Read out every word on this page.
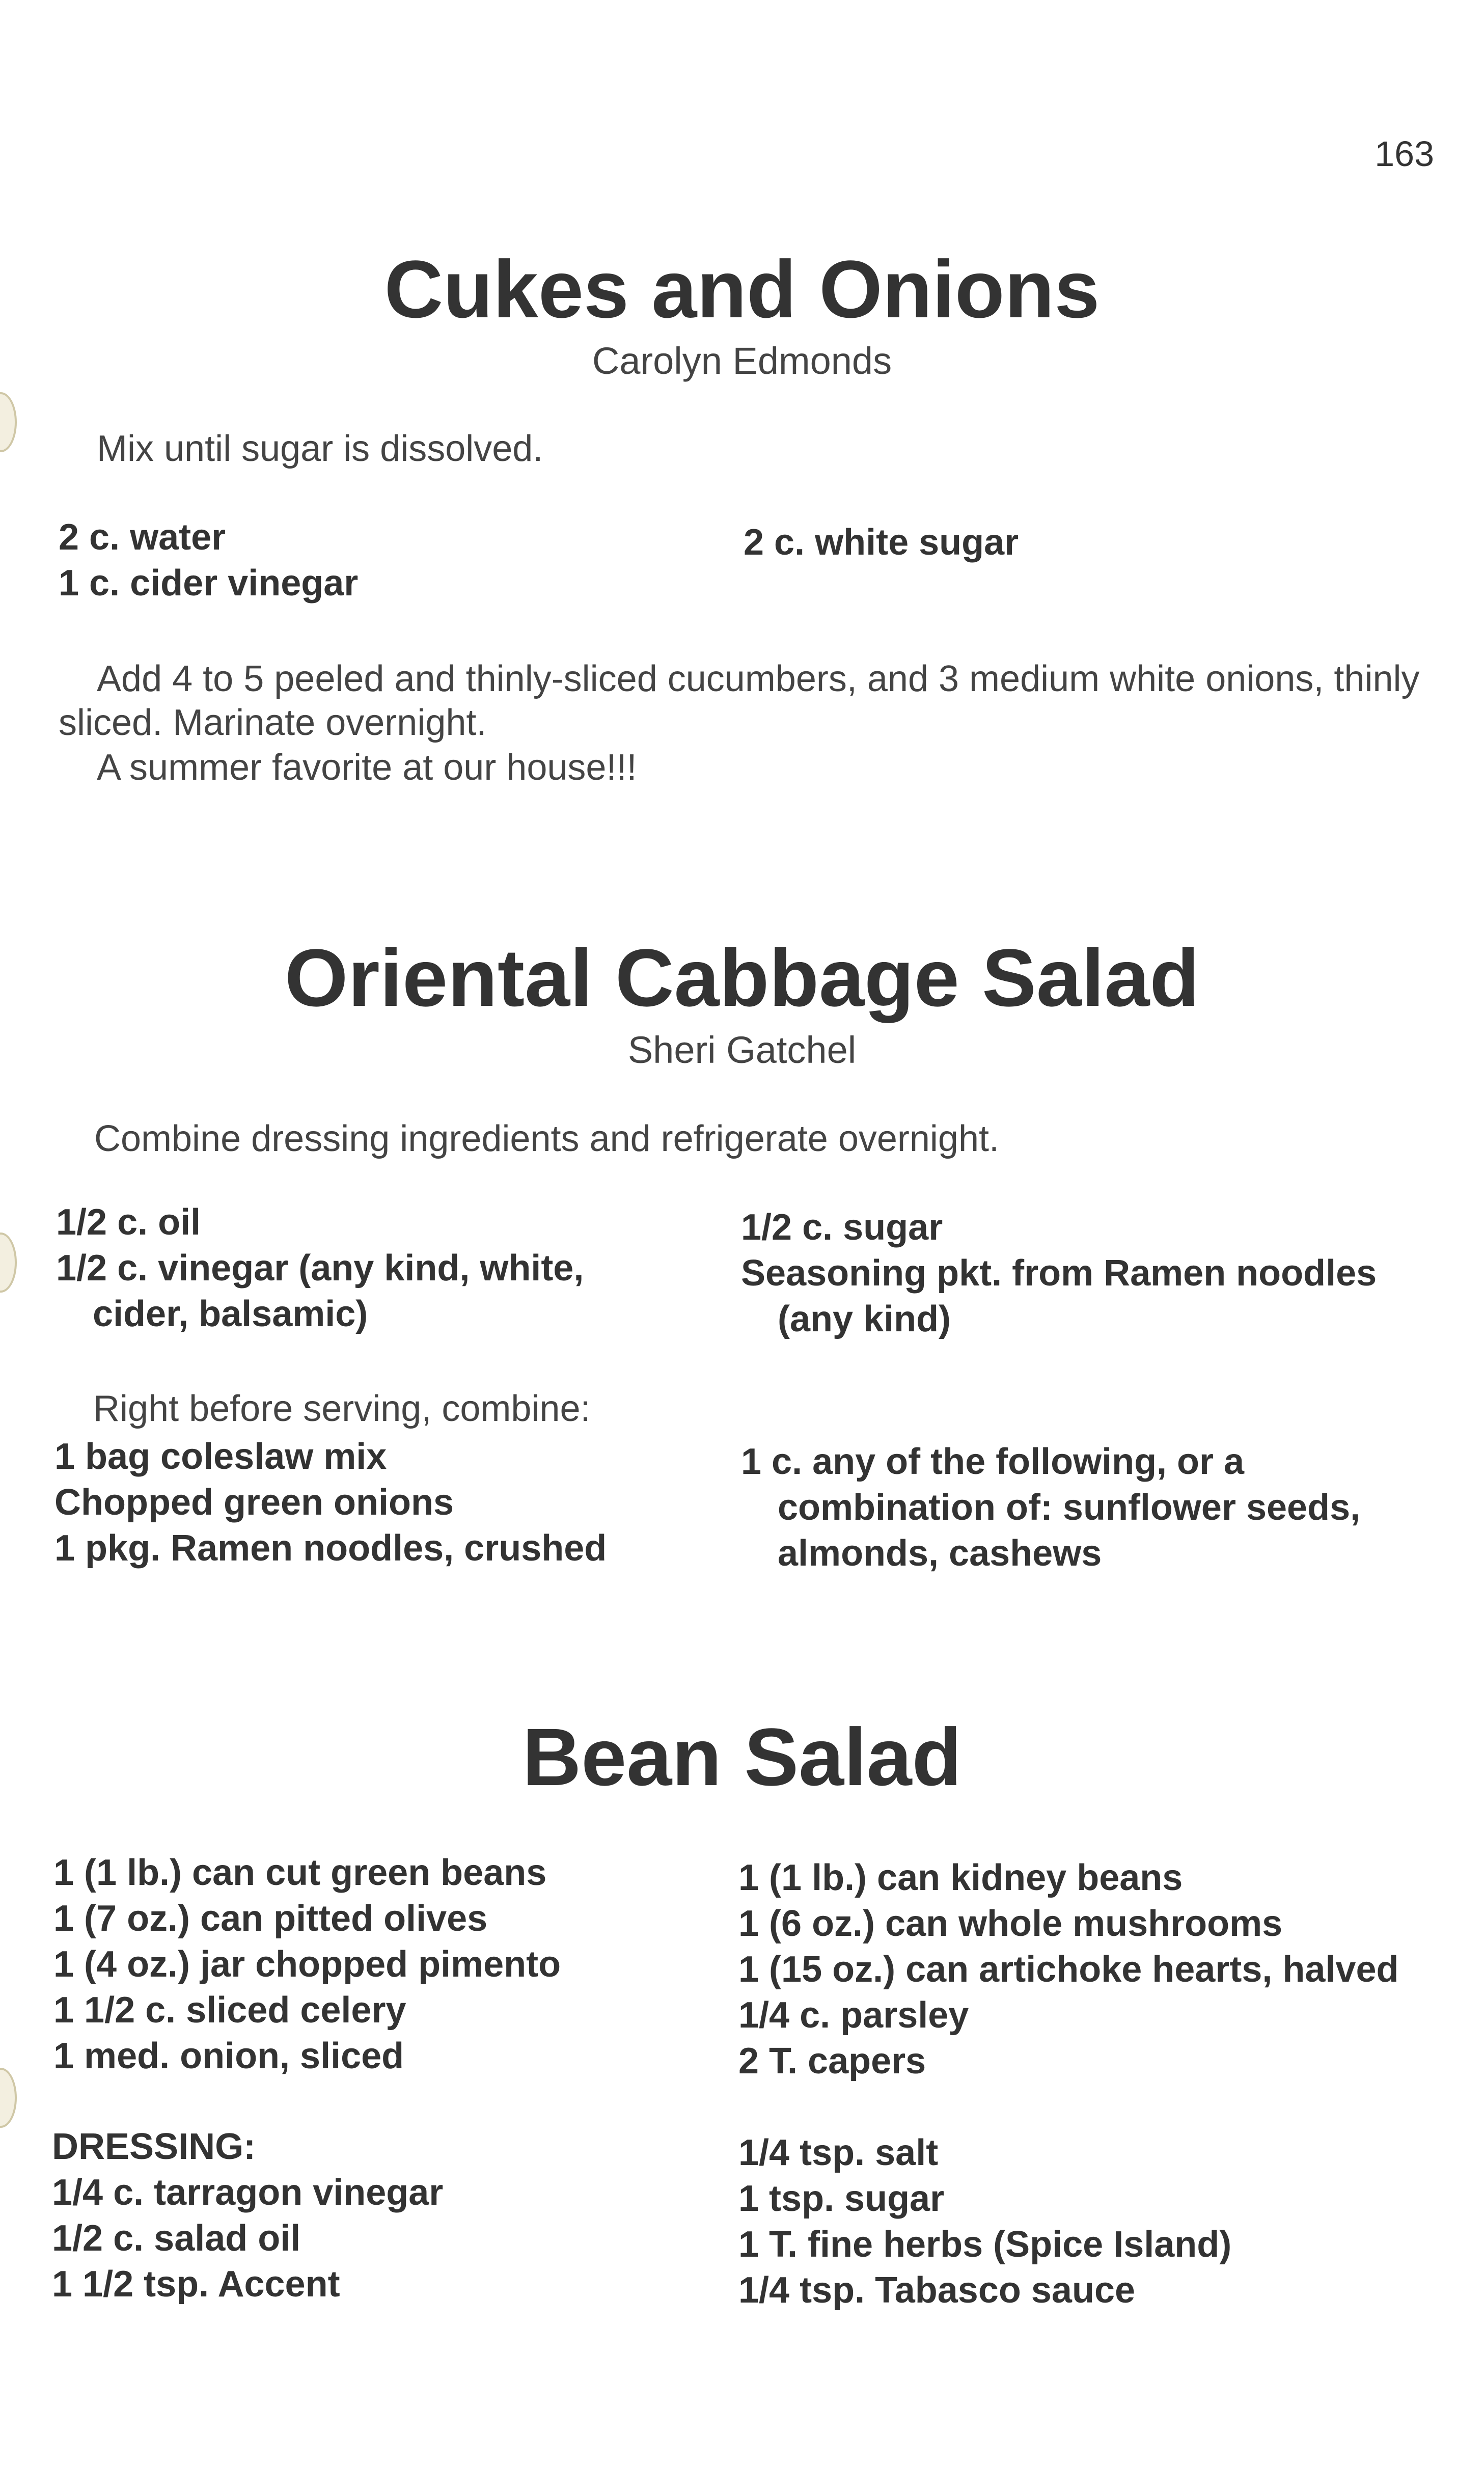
163
Cukes and Onions
Carolyn Edmonds
Mix until sugar is dissolved.
2 c. water
1 c. cider vinegar
2 c. white sugar
Add 4 to 5 peeled and thinly-sliced cucumbers, and 3 medium white onions, thinly sliced. Marinate overnight.
A summer favorite at our house!!!
Oriental Cabbage Salad
Sheri Gatchel
Combine dressing ingredients and refrigerate overnight.
1/2 c. oil
1/2 c. vinegar (any kind, white,
cider, balsamic)
1/2 c. sugar
Seasoning pkt. from Ramen noodles
(any kind)
Right before serving, combine:
1 bag coleslaw mix
Chopped green onions
1 pkg. Ramen noodles, crushed
1 c. any of the following, or a
combination of: sunflower seeds,
almonds, cashews
Bean Salad
1 (1 lb.) can cut green beans
1 (7 oz.) can pitted olives
1 (4 oz.) jar chopped pimento
1 1/2 c. sliced celery
1 med. onion, sliced
1 (1 lb.) can kidney beans
1 (6 oz.) can whole mushrooms
1 (15 oz.) can artichoke hearts, halved
1/4 c. parsley
2 T. capers
DRESSING:
1/4 c. tarragon vinegar
1/2 c. salad oil
1 1/2 tsp. Accent
1/4 tsp. salt
1 tsp. sugar
1 T. fine herbs (Spice Island)
1/4 tsp. Tabasco sauce
